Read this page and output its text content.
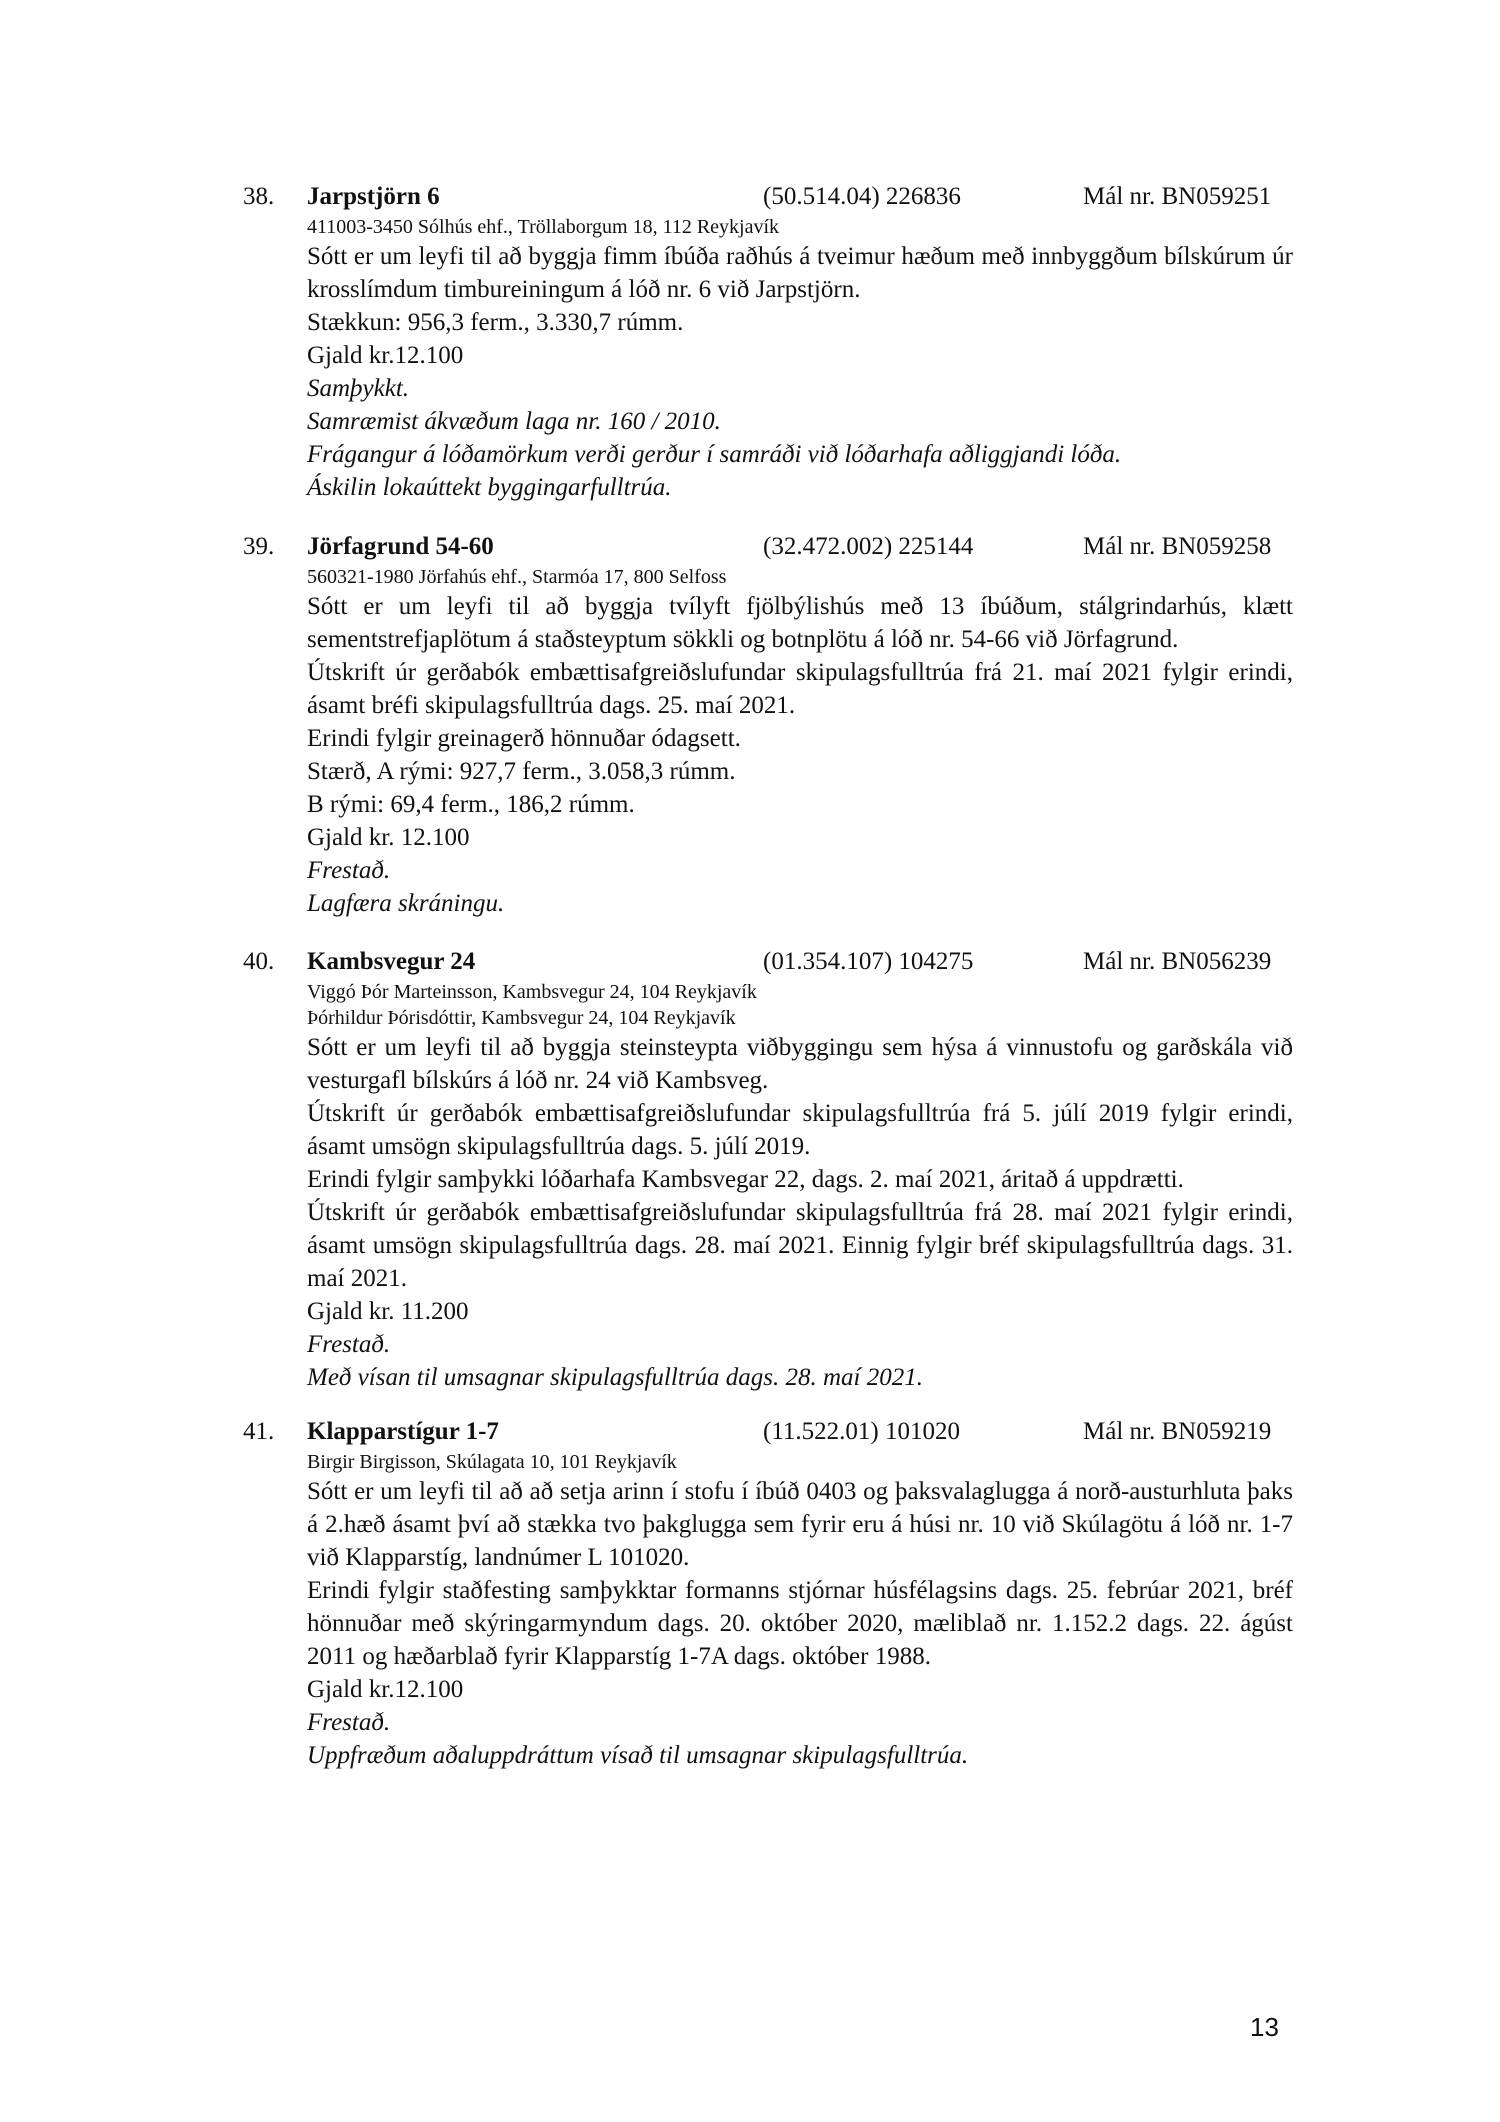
38. Jarpstjörn 6	(50.514.04) 226836	Mál nr. BN059251
411003-3450 Sólhús ehf., Tröllaborgum 18, 112 Reykjavík

Sótt er um leyfi til að byggja fimm íbúða raðhús á tveimur hæðum með innbyggðum bílskúrum úr krosslímdum timbureiningum á lóð nr. 6 við Jarpstjörn.

Stækkun: 956,3 ferm., 3.330,7 rúmm.

Gjald kr.12.100

Samþykkt.

Samræmist ákvæðum laga nr. 160 / 2010.

Frágangur á lóðamörkum verði gerður í samráði við lóðarhafa aðliggjandi lóða.

Áskilin lokaúttekt byggingarfulltrúa.

39. Jörfagrund 54-60	(32.472.002) 225144	Mál nr. BN059258
560321-1980 Jörfahús ehf., Starmóa 17, 800 Selfoss

Sótt er um leyfi til að byggja tvílyft fjölbýlishús með 13 íbúðum, stálgrindarhús, klætt sementstrefjaplötum á staðsteyptum sökkli og botnplötu á lóð nr. 54-66 við Jörfagrund.

Útskrift úr gerðabók embættisafgreiðslufundar skipulagsfulltrúa frá 21. maí 2021 fylgir erindi, ásamt bréfi skipulagsfulltrúa dags. 25. maí 2021.

Erindi fylgir greinagerð hönnuðar ódagsett.

Stærð, A rými: 927,7 ferm., 3.058,3 rúmm.

B rými: 69,4 ferm., 186,2 rúmm.

Gjald kr. 12.100

Frestað.

Lagfæra skráningu.

40. Kambsvegur 24	(01.354.107) 104275	Mál nr. BN056239
Viggó Þór Marteinsson, Kambsvegur 24, 104 Reykjavík
Þórhildur Þórisdóttir, Kambsvegur 24, 104 Reykjavík

Sótt er um leyfi til að byggja steinsteypta viðbyggingu sem hýsa á vinnustofu og garðskála við vesturgafl bílskúrs á lóð nr. 24 við Kambsveg.

Útskrift úr gerðabók embættisafgreiðslufundar skipulagsfulltrúa frá 5. júlí 2019 fylgir erindi, ásamt umsögn skipulagsfulltrúa dags. 5. júlí 2019.

Erindi fylgir samþykki lóðarhafa Kambsvegar 22, dags. 2. maí 2021, áritað á uppdrætti.

Útskrift úr gerðabók embættisafgreiðslufundar skipulagsfulltrúa frá 28. maí 2021 fylgir erindi, ásamt umsögn skipulagsfulltrúa dags. 28. maí 2021. Einnig fylgir bréf skipulagsfulltrúa dags. 31. maí 2021.

Gjald kr. 11.200

Frestað.

Með vísan til umsagnar skipulagsfulltrúa dags. 28. maí 2021.

41. Klapparstígur 1-7	(11.522.01) 101020	Mál nr. BN059219
Birgir Birgisson, Skúlagata 10, 101 Reykjavík

Sótt er um leyfi til að að setja arinn í stofu í íbúð 0403 og þaksvalaglugga á norð-austurhluta þaks á 2.hæð ásamt því að stækka tvo þakglugga sem fyrir eru á húsi nr. 10 við Skúlagötu á lóð nr. 1-7 við Klapparstíg, landnúmer L 101020.

Erindi fylgir staðfesting samþykktar formanns stjórnar húsfélagsins dags. 25. febrúar 2021, bréf hönnuðar með skýringarmyndum dags. 20. október 2020, mæliblað nr. 1.152.2 dags. 22. ágúst 2011 og hæðarblað fyrir Klapparstíg 1-7A dags. október 1988.

Gjald kr.12.100

Frestað.

Uppfræðum aðaluppdráttum vísað til umsagnar skipulagsfulltrúa.

13
